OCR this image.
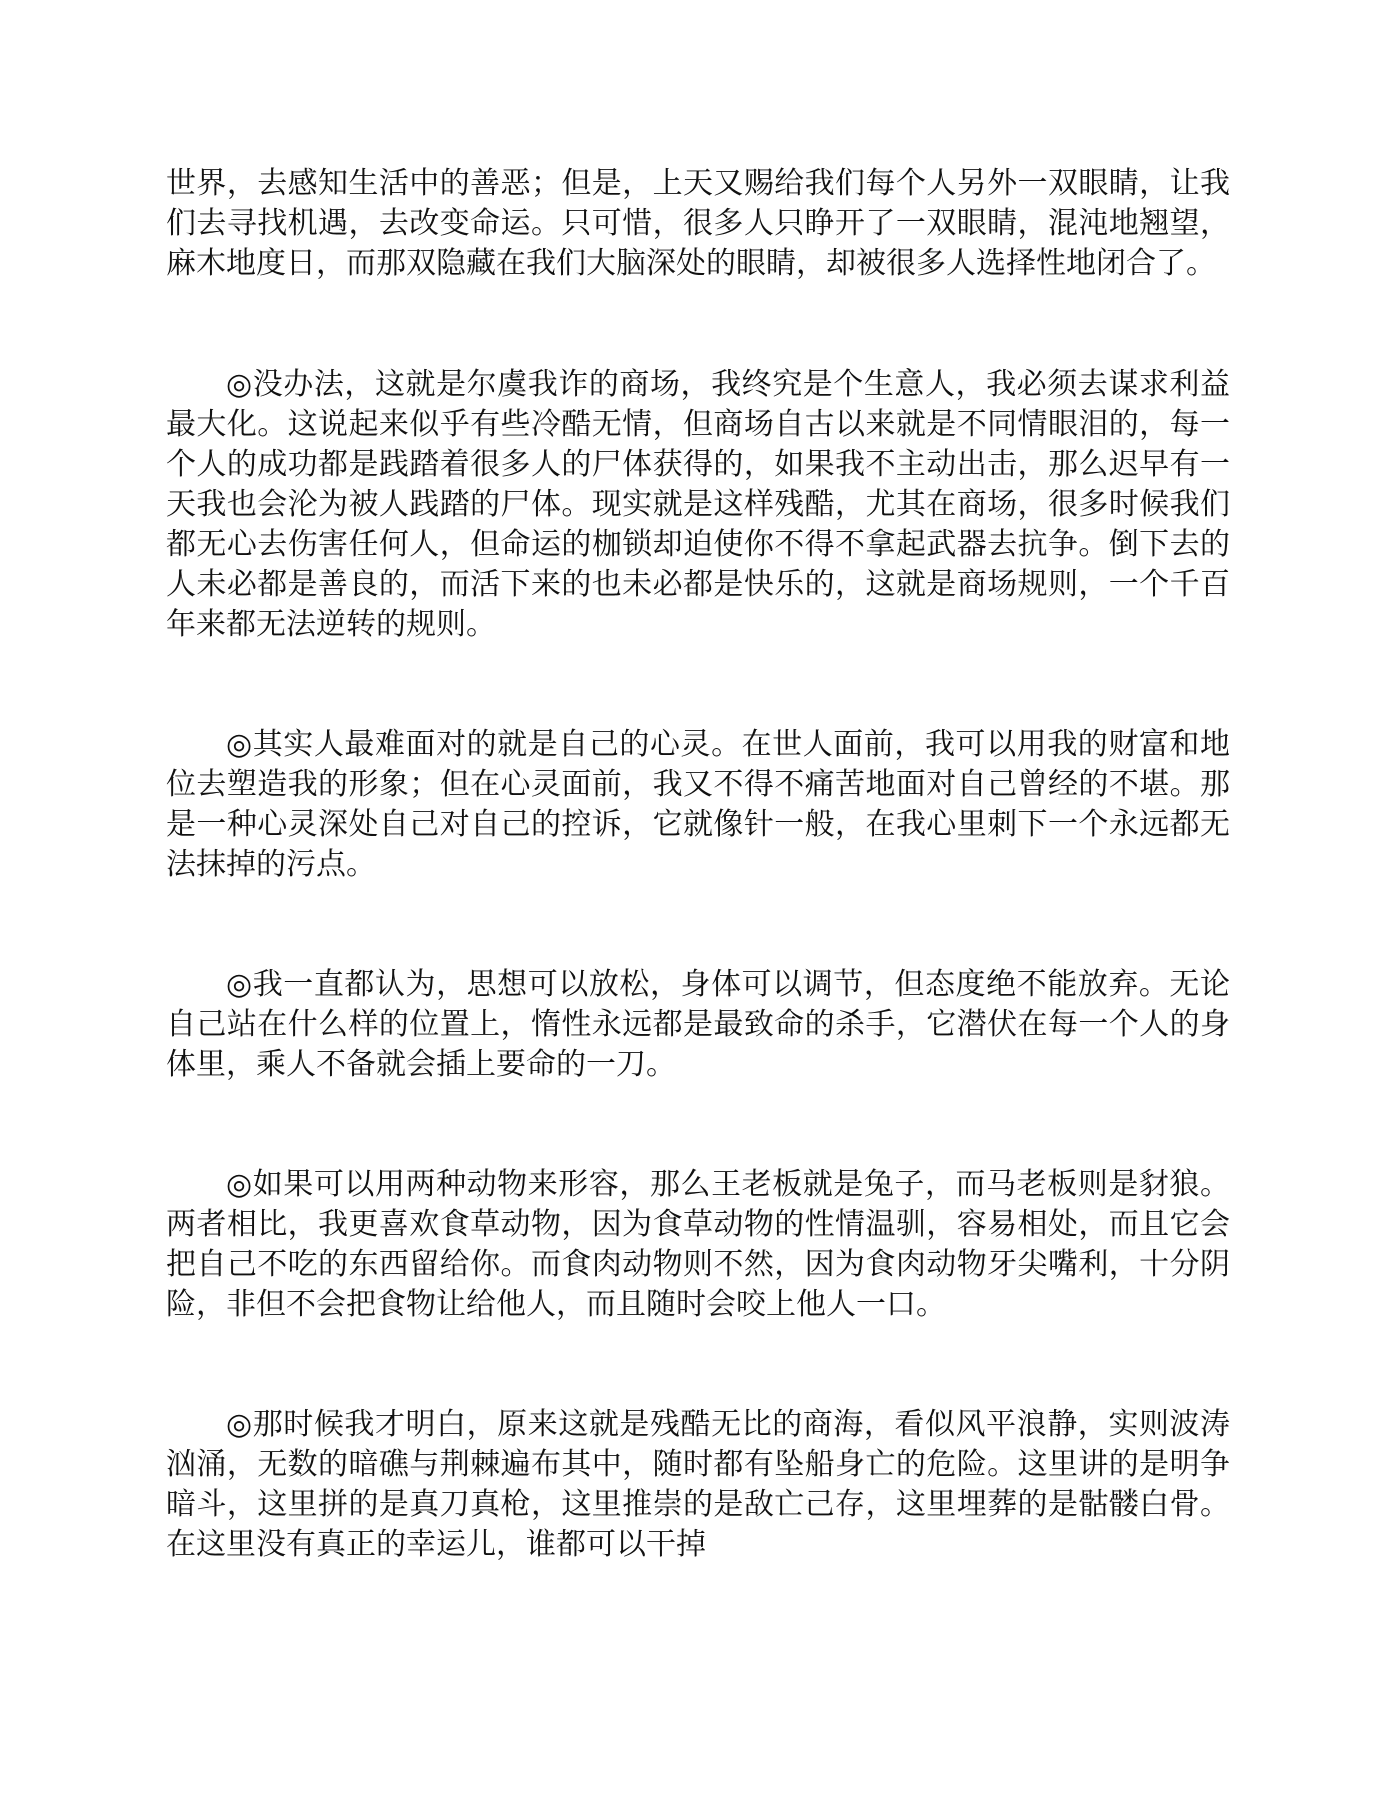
世界，去感知生活中的善恶；但是，上天又赐给我们每个人另外一双眼睛，让我们去寻找机遇，去改变命运。只可惜，很多人只睁开了一双眼睛，混沌地翘望，麻木地度日，而那双隐藏在我们大脑深处的眼睛，却被很多人选择性地闭合了。

◎没办法，这就是尔虞我诈的商场，我终究是个生意人，我必须去谋求利益最大化。这说起来似乎有些冷酷无情，但商场自古以来就是不同情眼泪的，每一个人的成功都是践踏着很多人的尸体获得的，如果我不主动出击，那么迟早有一天我也会沦为被人践踏的尸体。现实就是这样残酷，尤其在商场，很多时候我们都无心去伤害任何人，但命运的枷锁却迫使你不得不拿起武器去抗争。倒下去的人未必都是善良的，而活下来的也未必都是快乐的，这就是商场规则，一个千百年来都无法逆转的规则。

◎其实人最难面对的就是自己的心灵。在世人面前，我可以用我的财富和地位去塑造我的形象；但在心灵面前，我又不得不痛苦地面对自己曾经的不堪。那是一种心灵深处自己对自己的控诉，它就像针一般，在我心里刺下一个永远都无法抹掉的污点。

◎我一直都认为，思想可以放松，身体可以调节，但态度绝不能放弃。无论自己站在什么样的位置上，惰性永远都是最致命的杀手，它潜伏在每一个人的身体里，乘人不备就会插上要命的一刀。

◎如果可以用两种动物来形容，那么王老板就是兔子，而马老板则是豺狼。两者相比，我更喜欢食草动物，因为食草动物的性情温驯，容易相处，而且它会把自己不吃的东西留给你。而食肉动物则不然，因为食肉动物牙尖嘴利，十分阴险，非但不会把食物让给他人，而且随时会咬上他人一口。

◎那时候我才明白，原来这就是残酷无比的商海，看似风平浪静，实则波涛汹涌，无数的暗礁与荆棘遍布其中，随时都有坠船身亡的危险。这里讲的是明争暗斗，这里拼的是真刀真枪，这里推崇的是敌亡己存，这里埋葬的是骷髅白骨。在这里没有真正的幸运儿，谁都可以干掉
